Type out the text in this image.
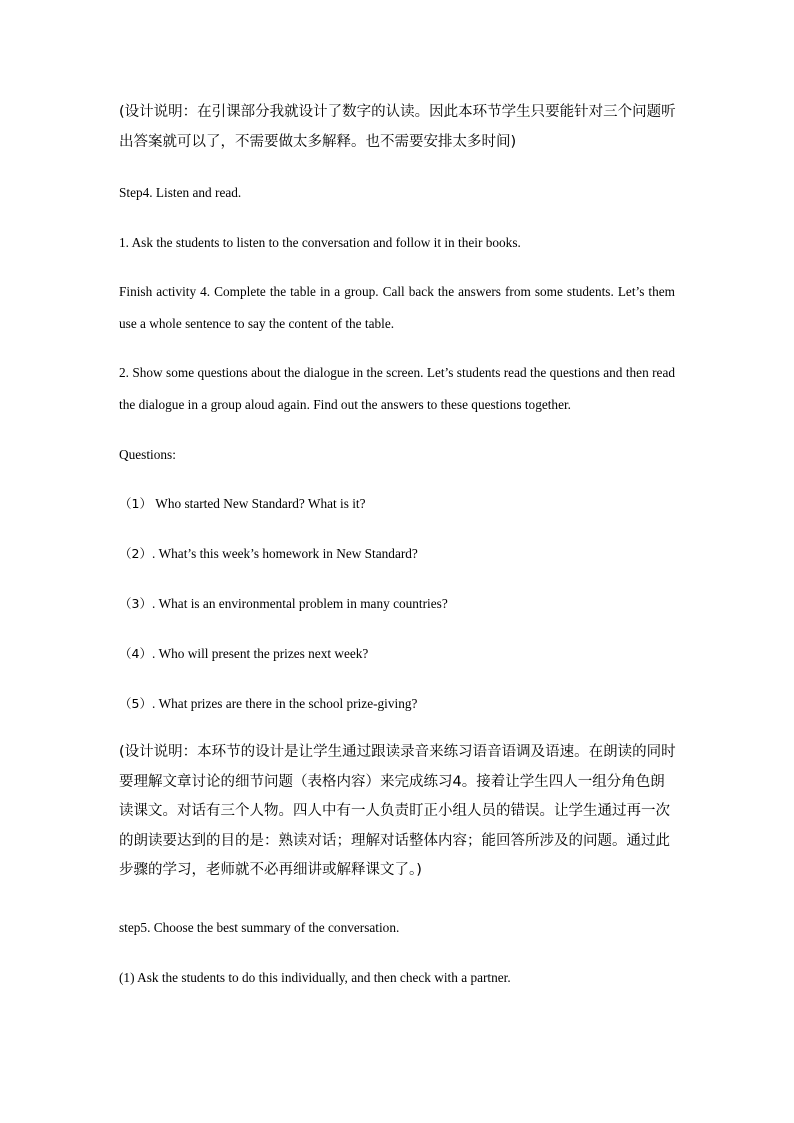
(设计说明：在引课部分我就设计了数字的认读。因此本环节学生只要能针对三个问题听出答案就可以了，不需要做太多解释。也不需要安排太多时间)

Step4. Listen and read.

1. Ask the students to listen to the conversation and follow it in their books.

Finish activity 4. Complete the table in a group. Call back the answers from some students. Let’s them use a whole sentence to say the content of the table.

2. Show some questions about the dialogue in the screen. Let’s students read the questions and then read the dialogue in a group aloud again. Find out the answers to these questions together.

Questions:

（1） Who started New Standard? What is it?

（2）. What’s this week’s homework in New Standard?

（3）. What is an environmental problem in many countries?

（4）. Who will present the prizes next week?

（5）. What prizes are there in the school prize-giving?

(设计说明：本环节的设计是让学生通过跟读录音来练习语音语调及语速。在朗读的同时要理解文章讨论的细节问题（表格内容）来完成练习4。接着让学生四人一组分角色朗读课文。对话有三个人物。四人中有一人负责盯正小组人员的错误。让学生通过再一次的朗读要达到的目的是：熟读对话；理解对话整体内容；能回答所涉及的问题。通过此步骤的学习，老师就不必再细讲或解释课文了。)

step5. Choose the best summary of the conversation.

(1) Ask the students to do this individually, and then check with a partner.
